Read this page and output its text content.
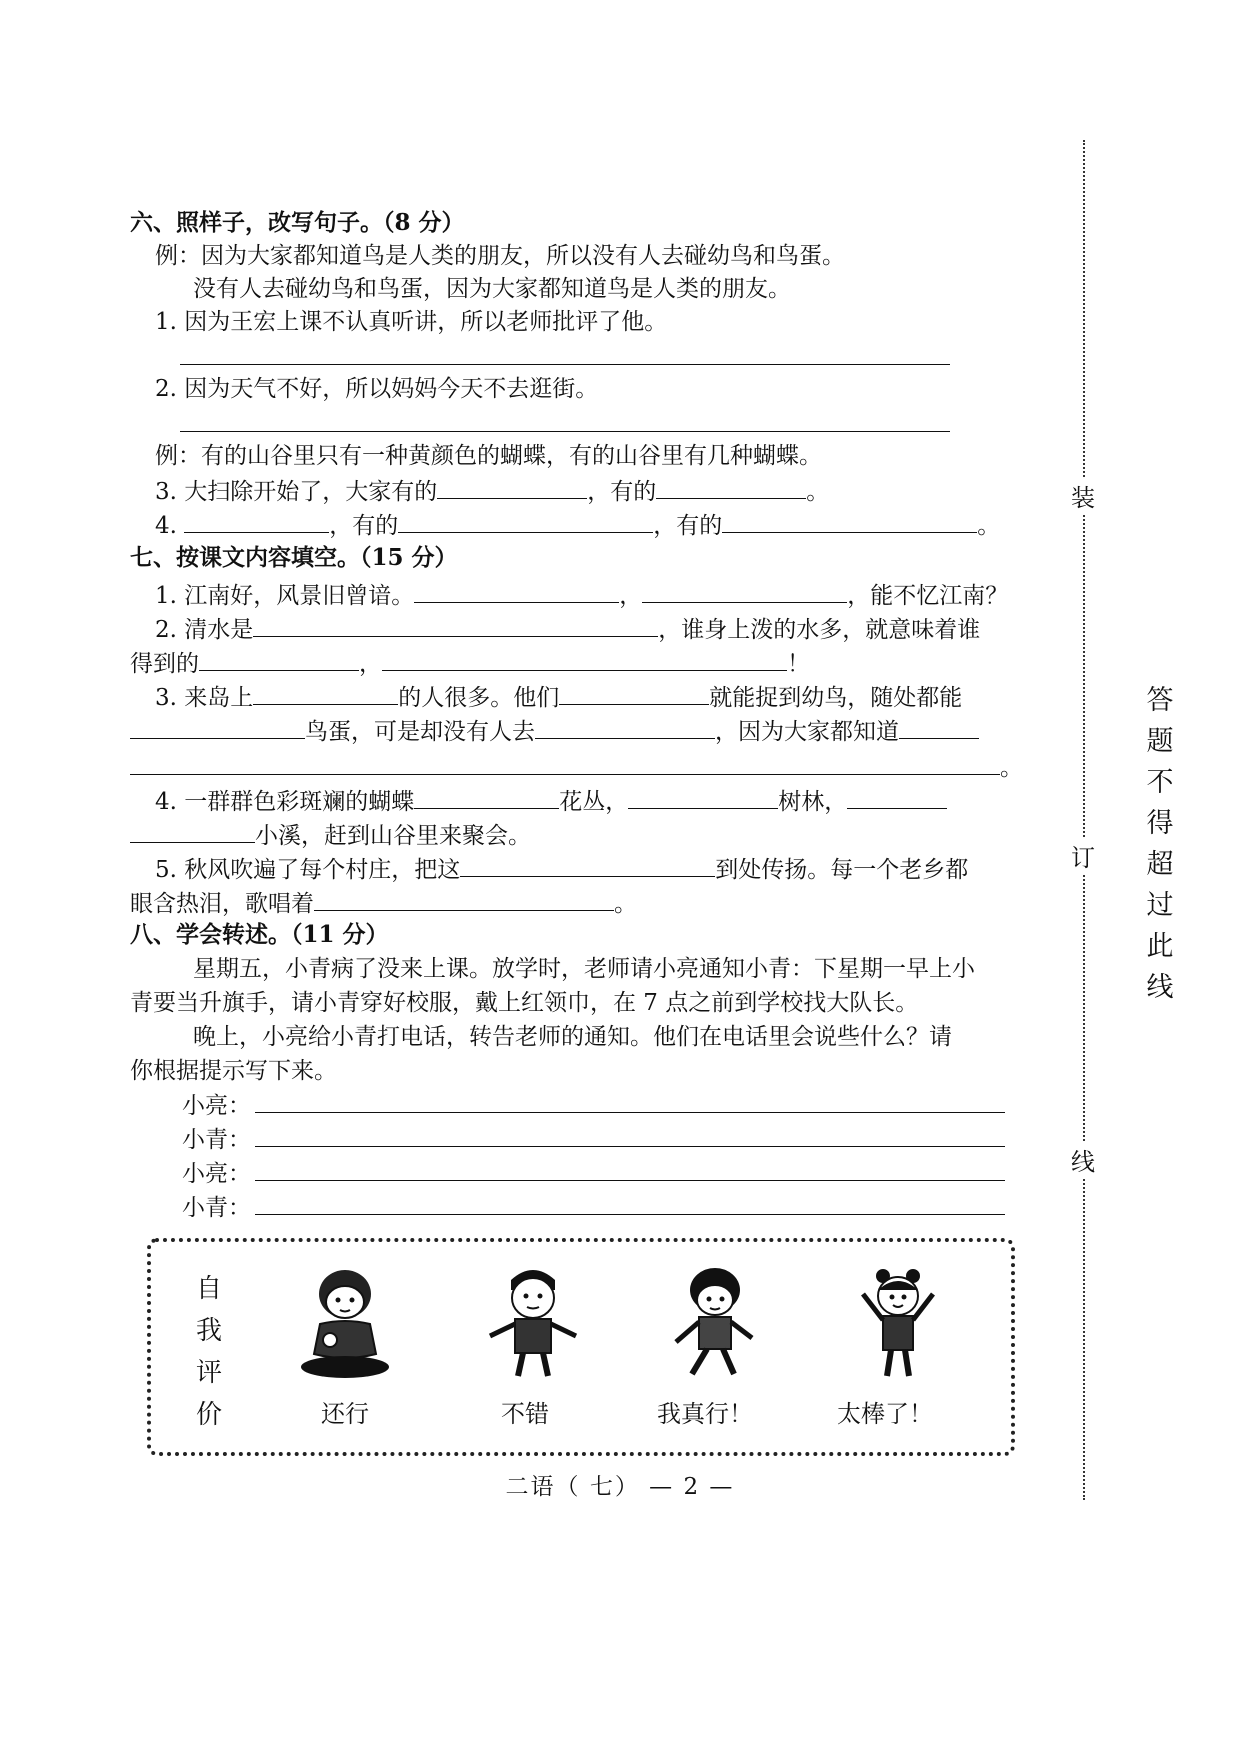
六、照样子，改写句子。（8 分）
例：因为大家都知道鸟是人类的朋友，所以没有人去碰幼鸟和鸟蛋。
没有人去碰幼鸟和鸟蛋，因为大家都知道鸟是人类的朋友。
1. 因为王宏上课不认真听讲，所以老师批评了他。
2. 因为天气不好，所以妈妈今天不去逛街。
例：有的山谷里只有一种黄颜色的蝴蝶，有的山谷里有几种蝴蝶。
3. 大扫除开始了，大家有的	，有的	。
4.	，有的	，有的	。
七、按课文内容填空。（15 分）
1. 江南好，风景旧曾谙。	，	，能不忆江南？
2. 清水是	，谁身上泼的水多，就意味着谁
得到的	，	！
3. 来岛上	的人很多。他们	就能捉到幼鸟，随处都能
鸟蛋，可是却没有人去	，因为大家都知道
。
4. 一群群色彩斑斓的蝴蝶	花丛，	树林，
小溪，赶到山谷里来聚会。
5. 秋风吹遍了每个村庄，把这	到处传扬。每一个老乡都
眼含热泪，歌唱着	。
八、学会转述。（11 分）
星期五，小青病了没来上课。放学时，老师请小亮通知小青：下星期一早上小
青要当升旗手，请小青穿好校服，戴上红领巾，在 7 点之前到学校找大队长。
晚上，小亮给小青打电话，转告老师的通知。他们在电话里会说些什么？请
你根据提示写下来。
小亮：
小青：
小亮：
小青：
自
我
评
价	还行	不错	我真行！	太棒了！
二语（ 七） — 2 —
装
订
线
答
题
不
得
超
过
此
线
